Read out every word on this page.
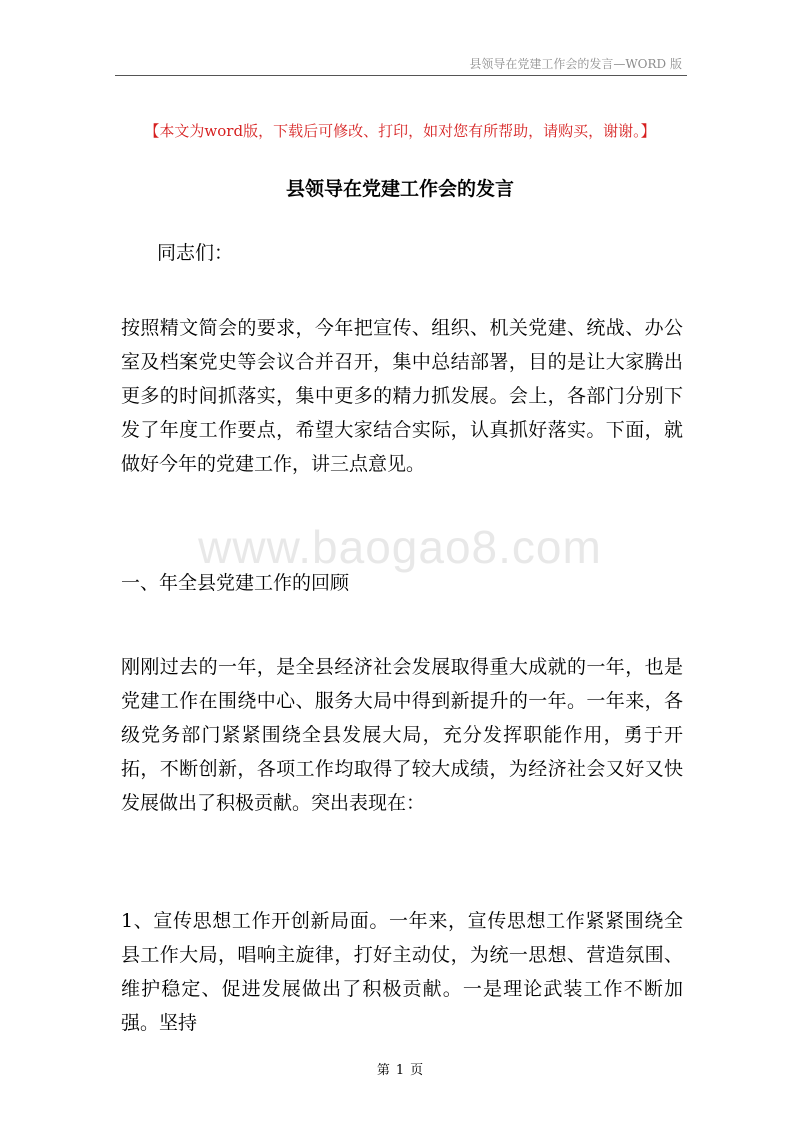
县领导在党建工作会的发言—WORD 版
【本文为word版，下载后可修改、打印，如对您有所帮助，请购买，谢谢。】
县领导在党建工作会的发言

同志们：

按照精文简会的要求，今年把宣传、组织、机关党建、统战、办公室及档案党史等会议合并召开，集中总结部署，目的是让大家腾出更多的时间抓落实，集中更多的精力抓发展。会上，各部门分别下发了年度工作要点，希望大家结合实际，认真抓好落实。下面，就做好今年的党建工作，讲三点意见。

www.baogao8.com

一、年全县党建工作的回顾

刚刚过去的一年，是全县经济社会发展取得重大成就的一年，也是党建工作在围绕中心、服务大局中得到新提升的一年。一年来，各级党务部门紧紧围绕全县发展大局，充分发挥职能作用，勇于开拓，不断创新，各项工作均取得了较大成绩，为经济社会又好又快发展做出了积极贡献。突出表现在：

1、宣传思想工作开创新局面。一年来，宣传思想工作紧紧围绕全县工作大局，唱响主旋律，打好主动仗，为统一思想、营造氛围、维护稳定、促进发展做出了积极贡献。一是理论武装工作不断加强。坚持

第 1 页
